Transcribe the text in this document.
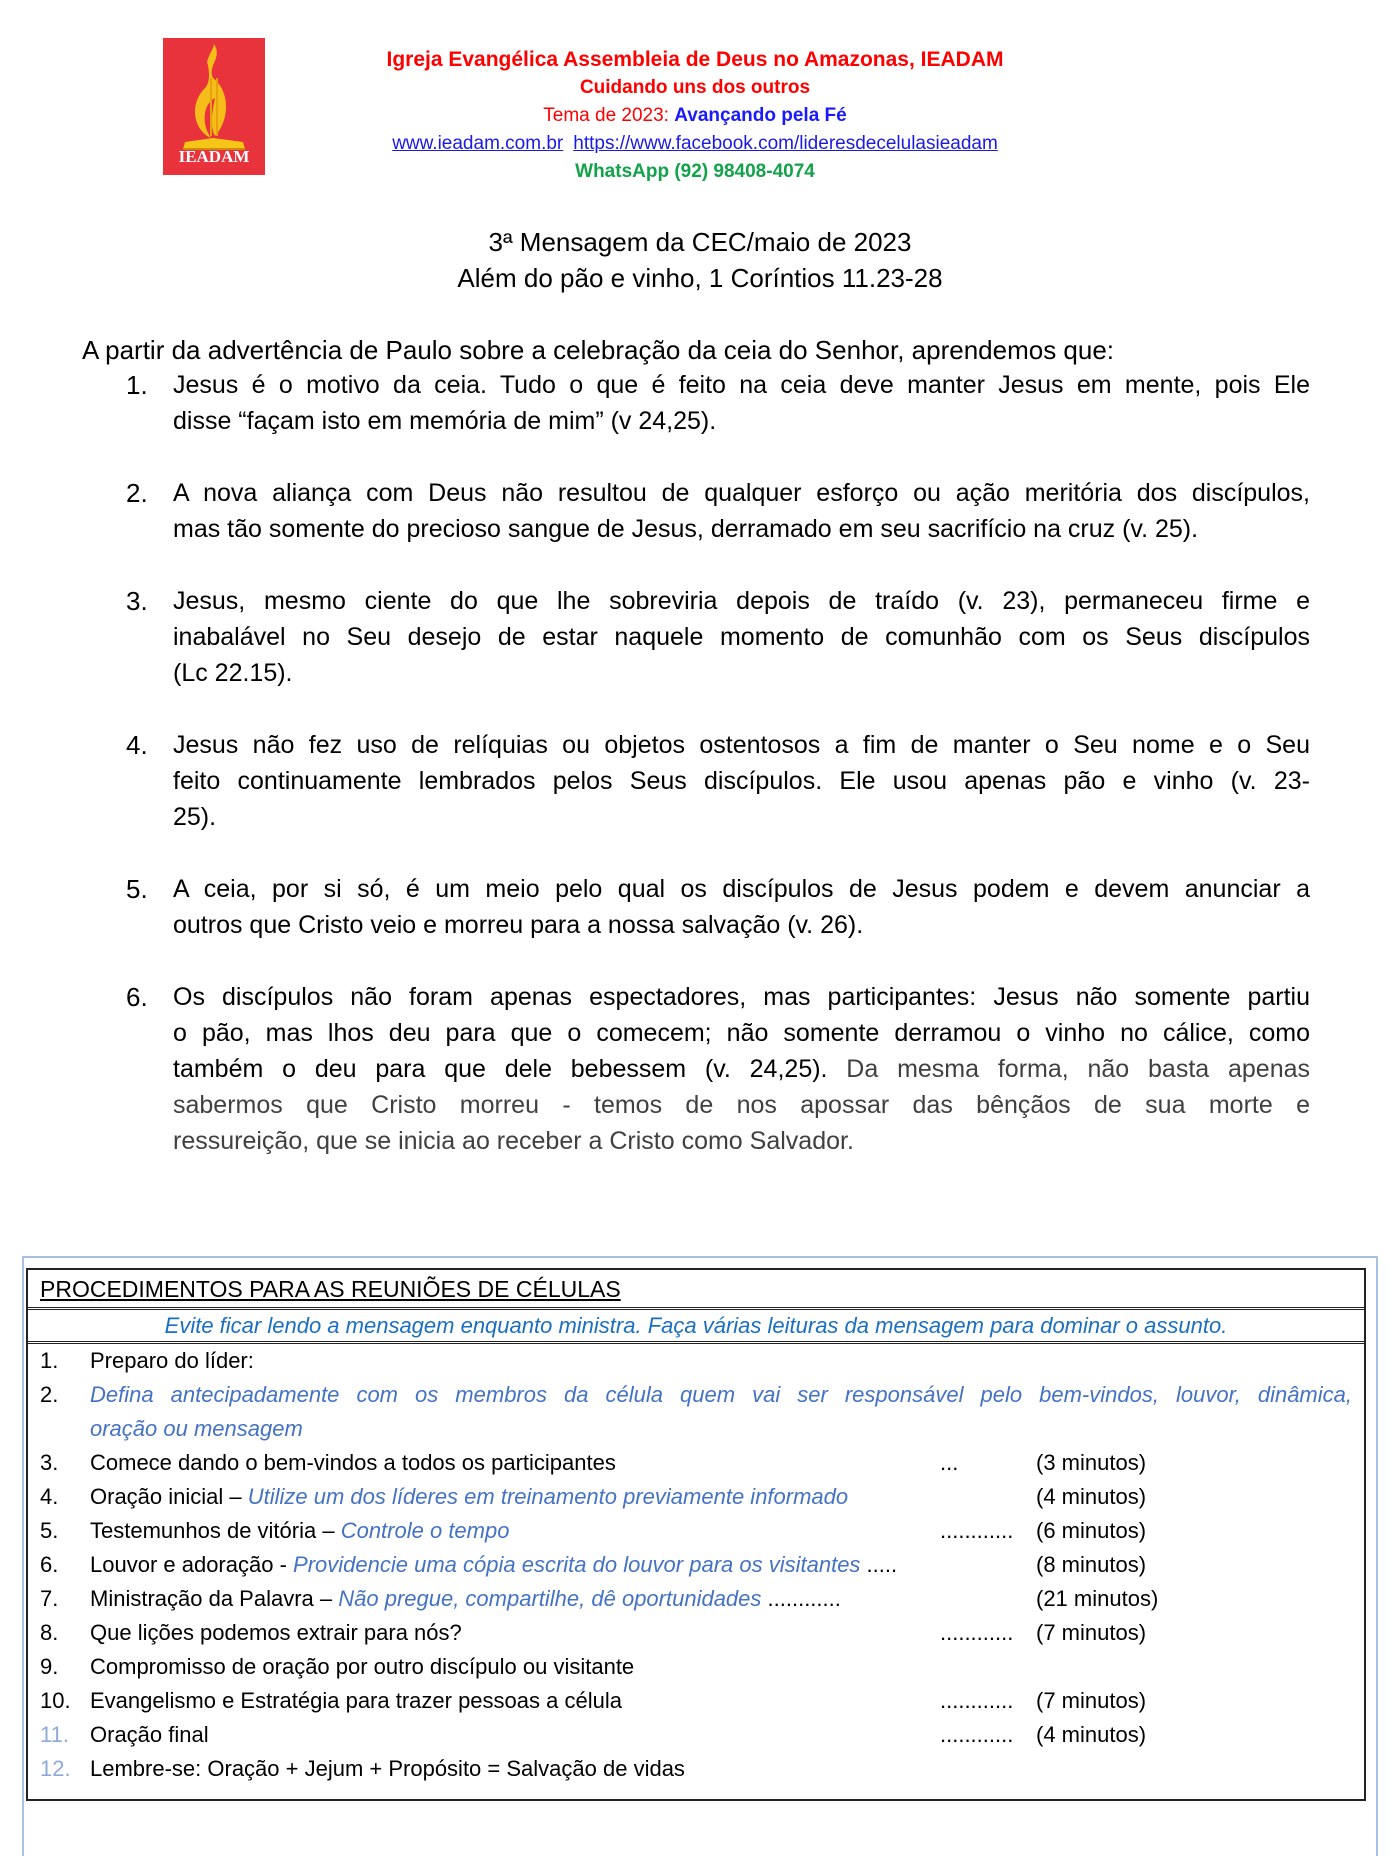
IEADAM
Igreja Evangélica Assembleia de Deus no Amazonas, IEADAM
Cuidando uns dos outros
Tema de 2023: Avançando pela Fé
www.ieadam.com.br https://www.facebook.com/lideresdecelulasieadam
WhatsApp (92) 98408-4074
3ª Mensagem da CEC/maio de 2023
Além do pão e vinho, 1 Coríntios 11.23-28
A partir da advertência de Paulo sobre a celebração da ceia do Senhor, aprendemos que:
1. Jesus é o motivo da ceia. Tudo o que é feito na ceia deve manter Jesus em mente, pois Ele
disse “façam isto em memória de mim” (v 24,25).
2. A nova aliança com Deus não resultou de qualquer esforço ou ação meritória dos discípulos,
mas tão somente do precioso sangue de Jesus, derramado em seu sacrifício na cruz (v. 25).
3. Jesus, mesmo ciente do que lhe sobreviria depois de traído (v. 23), permaneceu firme e
inabalável no Seu desejo de estar naquele momento de comunhão com os Seus discípulos
(Lc 22.15).
4. Jesus não fez uso de relíquias ou objetos ostentosos a fim de manter o Seu nome e o Seu
feito continuamente lembrados pelos Seus discípulos. Ele usou apenas pão e vinho (v. 23-
25).
5. A ceia, por si só, é um meio pelo qual os discípulos de Jesus podem e devem anunciar a
outros que Cristo veio e morreu para a nossa salvação (v. 26).
6. Os discípulos não foram apenas espectadores, mas participantes: Jesus não somente partiu
o pão, mas lhos deu para que o comecem; não somente derramou o vinho no cálice, como
também o deu para que dele bebessem (v. 24,25). Da mesma forma, não basta apenas
sabermos que Cristo morreu - temos de nos apossar das bênçãos de sua morte e
ressureição, que se inicia ao receber a Cristo como Salvador.
PROCEDIMENTOS PARA AS REUNIÕES DE CÉLULAS
Evite ficar lendo a mensagem enquanto ministra. Faça várias leituras da mensagem para dominar o assunto.
1. Preparo do líder:
2. Defina antecipadamente com os membros da célula quem vai ser responsável pelo bem-vindos, louvor, dinâmica,
oração ou mensagem
3. Comece dando o bem-vindos a todos os participantes	...	(3 minutos)
4. Oração inicial – Utilize um dos líderes em treinamento previamente informado	(4 minutos)
5. Testemunhos de vitória – Controle o tempo	............ (6 minutos)
6. Louvor e adoração - Providencie uma cópia escrita do louvor para os visitantes .....	(8 minutos)
7. Ministração da Palavra – Não pregue, compartilhe, dê oportunidades ............	(21 minutos)
8. Que lições podemos extrair para nós?	............ (7 minutos)
9. Compromisso de oração por outro discípulo ou visitante
10. Evangelismo e Estratégia para trazer pessoas a célula	............ (7 minutos)
11. Oração final	............ (4 minutos)
12. Lembre-se: Oração + Jejum + Propósito = Salvação de vidas
